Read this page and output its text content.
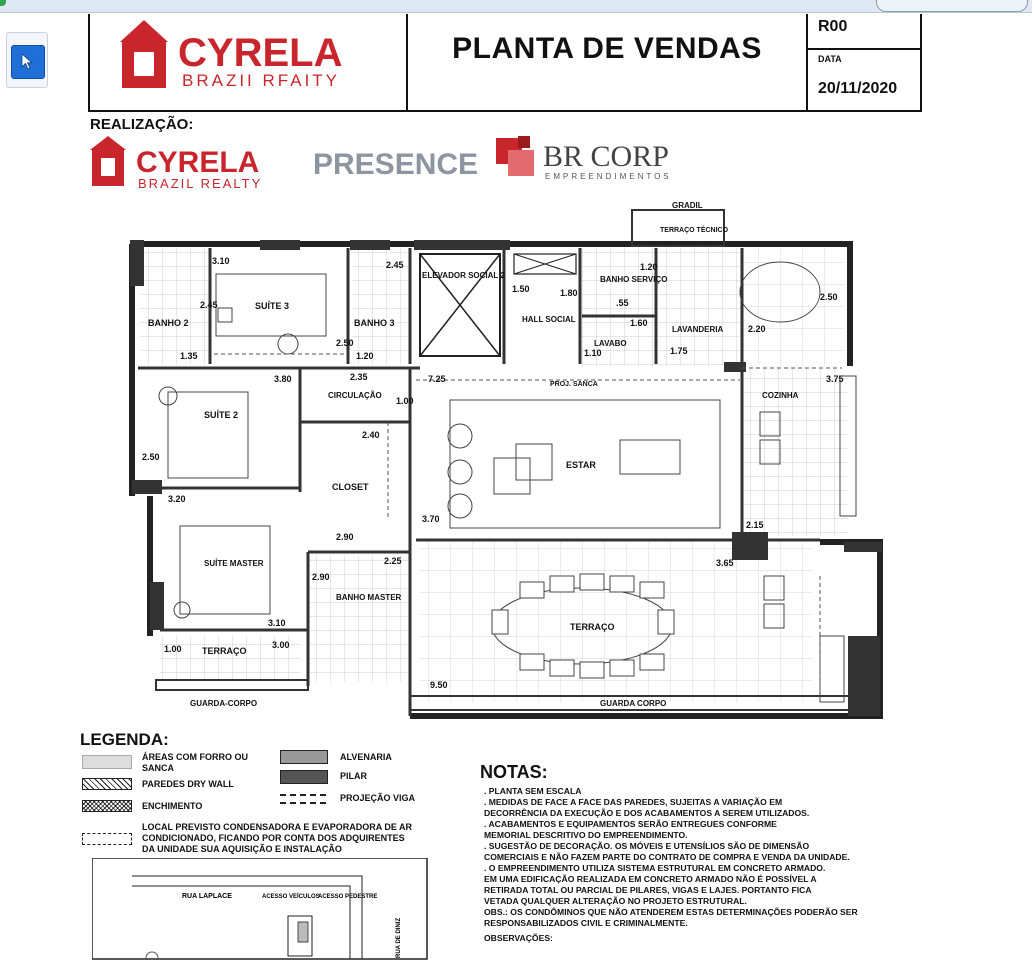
CYRELA
BRAZII RFAITY
PLANTA DE VENDAS
R00
DATA
20/11/2020
REALIZAÇÃO:
CYRELA
BRAZIL REALTY
PRESENCE BR CORP
EMPREENDIMENTOS
SUÍTE 3
BANHO 2	BANHO 3
ELEVADOR SOCIAL 2
HALL SOCIAL
BANHO SERVIÇO
LAVABO
LAVANDERIA
TERRAÇO TÉCNICO
CIRCULAÇÃO
SUÍTE 2
CLOSET
ESTAR
COZINHA
SUÍTE MASTER
BANHO MASTER
TERRAÇO
TERRAÇO
GUARDA-CORPO	GUARDA CORPO
GRADIL
PROJ. SANCA
3.10
2.45
2.45
1.35	1.20
2.50
1.50	1.80
1.60
1.10	1.75
1.20
.55
2.50
2.20
3.80	2.35	7.25
1.00
3.75
2.40
2.50
3.20
3.70
2.90
2.15
2.25
2.90
3.65
3.10
1.00	3.00
9.50
LEGENDA:
ÁREAS COM FORRO OU SANCA
PAREDES DRY WALL
ENCHIMENTO
LOCAL PREVISTO CONDENSADORA E EVAPORADORA DE AR CONDICIONADO, FICANDO POR CONTA DOS ADQUIRENTES DA UNIDADE SUA AQUISIÇÃO E INSTALAÇÃO
ALVENARIA
PILAR
PROJEÇÃO VIGA
NOTAS:
. PLANTA SEM ESCALA
. MEDIDAS DE FACE A FACE DAS PAREDES, SUJEITAS A VARIAÇÃO EM
DECORRÊNCIA DA EXECUÇÃO E DOS ACABAMENTOS A SEREM UTILIZADOS.
. ACABAMENTOS E EQUIPAMENTOS SERÃO ENTREGUES CONFORME
MEMORIAL DESCRITIVO DO EMPREENDIMENTO.
. SUGESTÃO DE DECORAÇÃO. OS MÓVEIS E UTENSÍLIOS SÃO DE DIMENSÃO
COMERCIAIS E NÃO FAZEM PARTE DO CONTRATO DE COMPRA E VENDA DA UNIDADE.
. O EMPREENDIMENTO UTILIZA SISTEMA ESTRUTURAL EM CONCRETO ARMADO.
EM UMA EDIFICAÇÃO REALIZADA EM CONCRETO ARMADO NÃO É POSSÍVEL A
RETIRADA TOTAL OU PARCIAL DE PILARES, VIGAS E LAJES. PORTANTO FICA
VETADA QUALQUER ALTERAÇÃO NO PROJETO ESTRUTURAL.
OBS.: OS CONDÔMINOS QUE NÃO ATENDEREM ESTAS DETERMINAÇÕES PODERÃO SER
RESPONSABILIZADOS CIVIL E CRIMINALMENTE.
OBSERVAÇÕES:
RUA LAPLACE	ACESSO VEÍCULOS
ACESSO PEDESTRE
RUA DE DINIZ
